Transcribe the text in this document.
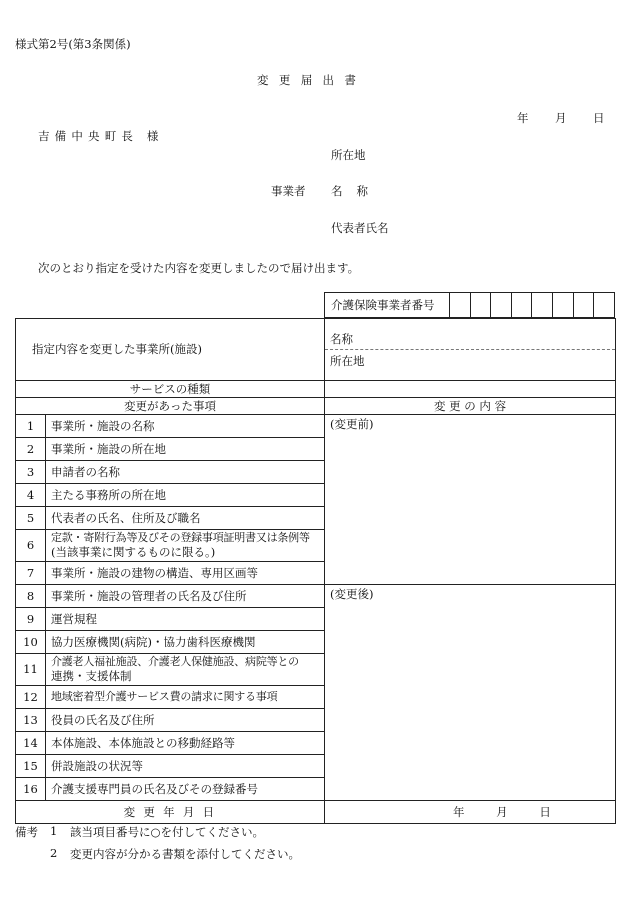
様式第2号(第3条関係)
変更届出書
年 月 日
吉備中央町長 様
所在地
事業者 名 称
代表者氏名
次のとおり指定を受けた内容を変更しましたので届け出ます。
介護保険事業者番号								
指定内容を変更した事業所(施設)		名称
所在地

サービスの種類		
変更があった事項		変 更 の 内 容
1	事業所・施設の名称	(変更前)
2	事業所・施設の所在地	
3	申請者の名称	
4	主たる事務所の所在地	
5	代表者の氏名、住所及び職名	
6	定款・寄附行為等及びその登録事項証明書又は条例等
(当該事業に関するものに限る。)	

7	事業所・施設の建物の構造、専用区画等	
8	事業所・施設の管理者の氏名及び住所	(変更後)
9	運営規程	
10	協力医療機関(病院)・協力歯科医療機関	
11	介護老人福祉施設、介護老人保健施設、病院等との
連携・支援体制	

12	地域密着型介護サービス費の請求に関する事項	
13	役員の氏名及び住所	
14	本体施設、本体施設との移動経路等	
15	併設施設の状況等	
16	介護支援専門員の氏名及びその登録番号	
変 更 年 月 日		年 月 日
備考 1 該当項目番号に○を付してください。
2 変更内容が分かる書類を添付してください。
